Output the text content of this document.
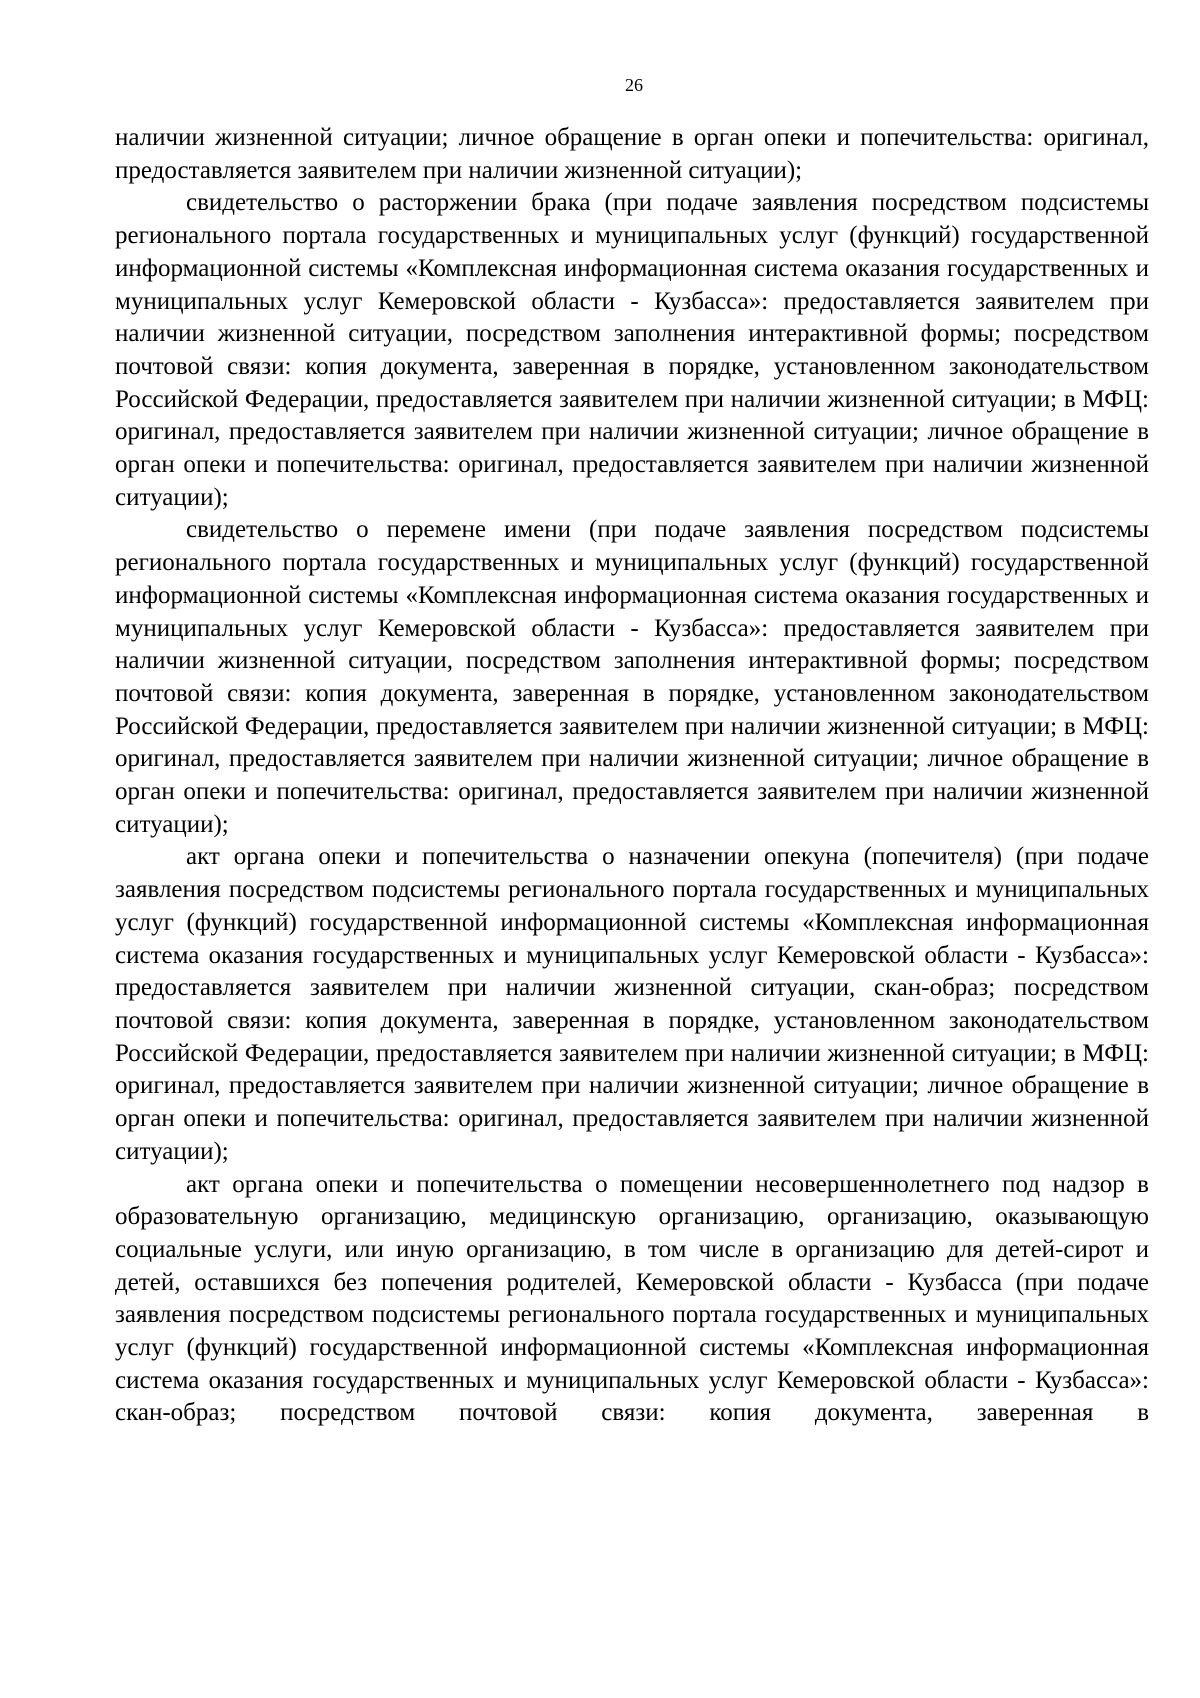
26

наличии жизненной ситуации; личное обращение в орган опеки и попечительства: оригинал, предоставляется заявителем при наличии жизненной ситуации);

свидетельство о расторжении брака (при подаче заявления посредством подсистемы регионального портала государственных и муниципальных услуг (функций) государственной информационной системы «Комплексная информационная система оказания государственных и муниципальных услуг Кемеровской области - Кузбасса»: предоставляется заявителем при наличии жизненной ситуации, посредством заполнения интерактивной формы; посредством почтовой связи: копия документа, заверенная в порядке, установленном законодательством Российской Федерации, предоставляется заявителем при наличии жизненной ситуации; в МФЦ: оригинал, предоставляется заявителем при наличии жизненной ситуации; личное обращение в орган опеки и попечительства: оригинал, предоставляется заявителем при наличии жизненной ситуации);

свидетельство о перемене имени (при подаче заявления посредством подсистемы регионального портала государственных и муниципальных услуг (функций) государственной информационной системы «Комплексная информационная система оказания государственных и муниципальных услуг Кемеровской области - Кузбасса»: предоставляется заявителем при наличии жизненной ситуации, посредством заполнения интерактивной формы; посредством почтовой связи: копия документа, заверенная в порядке, установленном законодательством Российской Федерации, предоставляется заявителем при наличии жизненной ситуации; в МФЦ: оригинал, предоставляется заявителем при наличии жизненной ситуации; личное обращение в орган опеки и попечительства: оригинал, предоставляется заявителем при наличии жизненной ситуации);

акт органа опеки и попечительства о назначении опекуна (попечителя) (при подаче заявления посредством подсистемы регионального портала государственных и муниципальных услуг (функций) государственной информационной системы «Комплексная информационная система оказания государственных и муниципальных услуг Кемеровской области - Кузбасса»: предоставляется заявителем при наличии жизненной ситуации, скан-образ; посредством почтовой связи: копия документа, заверенная в порядке, установленном законодательством Российской Федерации, предоставляется заявителем при наличии жизненной ситуации; в МФЦ: оригинал, предоставляется заявителем при наличии жизненной ситуации; личное обращение в орган опеки и попечительства: оригинал, предоставляется заявителем при наличии жизненной ситуации);

акт органа опеки и попечительства о помещении несовершеннолетнего под надзор в образовательную организацию, медицинскую организацию, организацию, оказывающую социальные услуги, или иную организацию, в том числе в организацию для детей-сирот и детей, оставшихся без попечения родителей, Кемеровской области - Кузбасса (при подаче заявления посредством подсистемы регионального портала государственных и муниципальных услуг (функций) государственной информационной системы «Комплексная информационная система оказания государственных и муниципальных услуг Кемеровской области - Кузбасса»: скан-образ; посредством почтовой связи: копия документа, заверенная в
